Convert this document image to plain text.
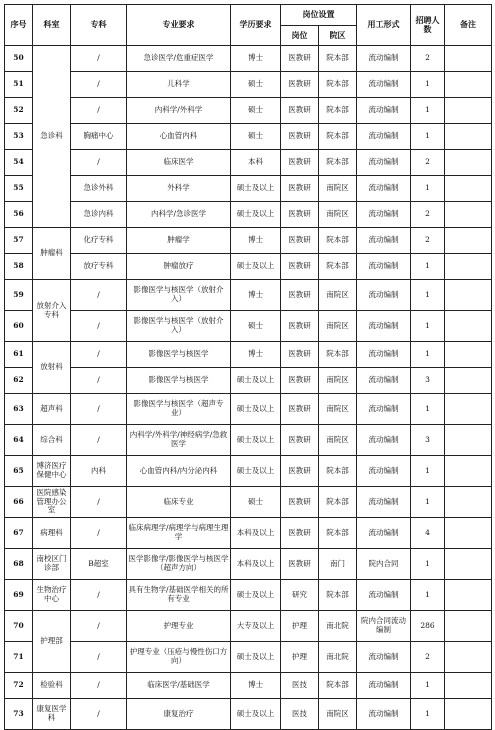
序号	科室	专科	专业要求	学历要求	岗位设置		用工形式	招聘人数	备注
					岗位	院区			
50	急诊科	/	急诊医学/危重症医学	博士	医教研	院本部	流动编制	2	
51		/	儿科学	硕士	医教研	院本部	流动编制	1	
52		/	内科学/外科学	硕士	医教研	院本部	流动编制	1	
53		胸痛中心	心血管内科	硕士	医教研	院本部	流动编制	1	
54		/	临床医学	本科	医教研	院本部	流动编制	2	
55		急诊外科	外科学	硕士及以上	医教研	南院区	流动编制	1	
56		急诊内科	内科学/急诊医学	硕士及以上	医教研	南院区	流动编制	2	
57	肿瘤科	化疗专科	肿瘤学	博士	医教研	院本部	流动编制	2	
58		放疗专科	肿瘤放疗	硕士及以上	医教研	院本部	流动编制	1	
59	放射介入专科	/	影像医学与核医学（放射介入）	博士	医教研	南院区	流动编制	1	
60		/	影像医学与核医学（放射介入）	硕士	医教研	南院区	流动编制	1	
61	放射科	/	影像医学与核医学	博士	医教研	院本部	流动编制	1	
62		/	影像医学与核医学	硕士及以上	医教研	南院区	流动编制	3	
63	超声科	/	影像医学与核医学（超声专业）	硕士及以上	医教研	南院区	流动编制	1	
64	综合科	/	内科学/外科学/神经病学/急救医学	硕士及以上	医教研	南院区	流动编制	3	
65	博济医疗保健中心	内科	心血管内科/内分泌内科	硕士及以上	医教研	院本部	流动编制	1	
66	医院感染管理办公室	/	临床专业	硕士	医教研	院本部	流动编制	1	
67	病理科	/	临床病理学/病理学与病理生理学	本科及以上	医教研	院本部	流动编制	4	
68	南校区门诊部	B超室	医学影像学/影像医学与核医学（超声方向）	本科及以上	医教研	南门	院内合同	1	
69	生物治疗中心	/	具有生物学/基础医学相关的所有专业	硕士及以上	研究	院本部	流动编制	1	
70	护理部	/	护理专业	大专及以上	护理	南北院	院内合同流动编制	286	
71		/	护理专业（压疮与慢性伤口方向）	硕士及以上	护理	南北院	流动编制	2	
72	检验科	/	临床医学/基础医学	博士	医技	院本部	流动编制	1	
73	康复医学科	/	康复治疗	硕士及以上	医技	南院区	流动编制	1	
